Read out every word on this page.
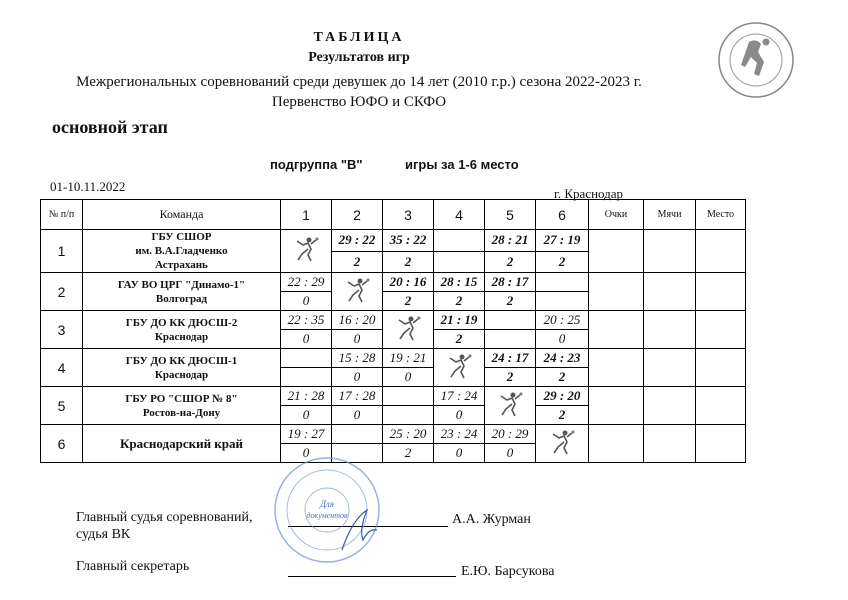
ТАБЛИЦА
Результатов игр
Межрегиональных соревнований среди девушек до 14 лет (2010 г.р.) сезона 2022-2023 г.
Первенство ЮФО и СКФО
основной этап
подгруппа "В"	игры за 1-6 место
01-10.11.2022	г. Краснодар
№ п/п	Команда	1	2	3	4	5	6	Очки	Мячи	Место
1	ГБУ СШОР
им. В.А.Гладченко
Астрахань		29 : 22	35 : 22		28 : 21	27 : 19			
			2	2		2	2			
2	ГАУ ВО ЦРГ "Динамо-1"
Волгоград	22 : 29		20 : 16	28 : 15	28 : 17				
		0		2	2	2				
3	ГБУ ДО КК ДЮСШ-2
Краснодар	22 : 35	16 : 20		21 : 19		20 : 25			
		0	0		2		0			
4	ГБУ ДО КК ДЮСШ-1
Краснодар		15 : 28	19 : 21		24 : 17	24 : 23			
			0	0		2	2			
5	ГБУ РО "СШОР № 8"
Ростов-на-Дону	21 : 28	17 : 28		17 : 24		29 : 20			
		0	0		0		2			
6	Краснодарский край	19 : 27		25 : 20	23 : 24	20 : 29				
		0		2	0	0				
Главный судья соревнований,
судья ВК
А.А. Журман
Главный секретарь	Е.Ю. Барсукова
Для
документов
